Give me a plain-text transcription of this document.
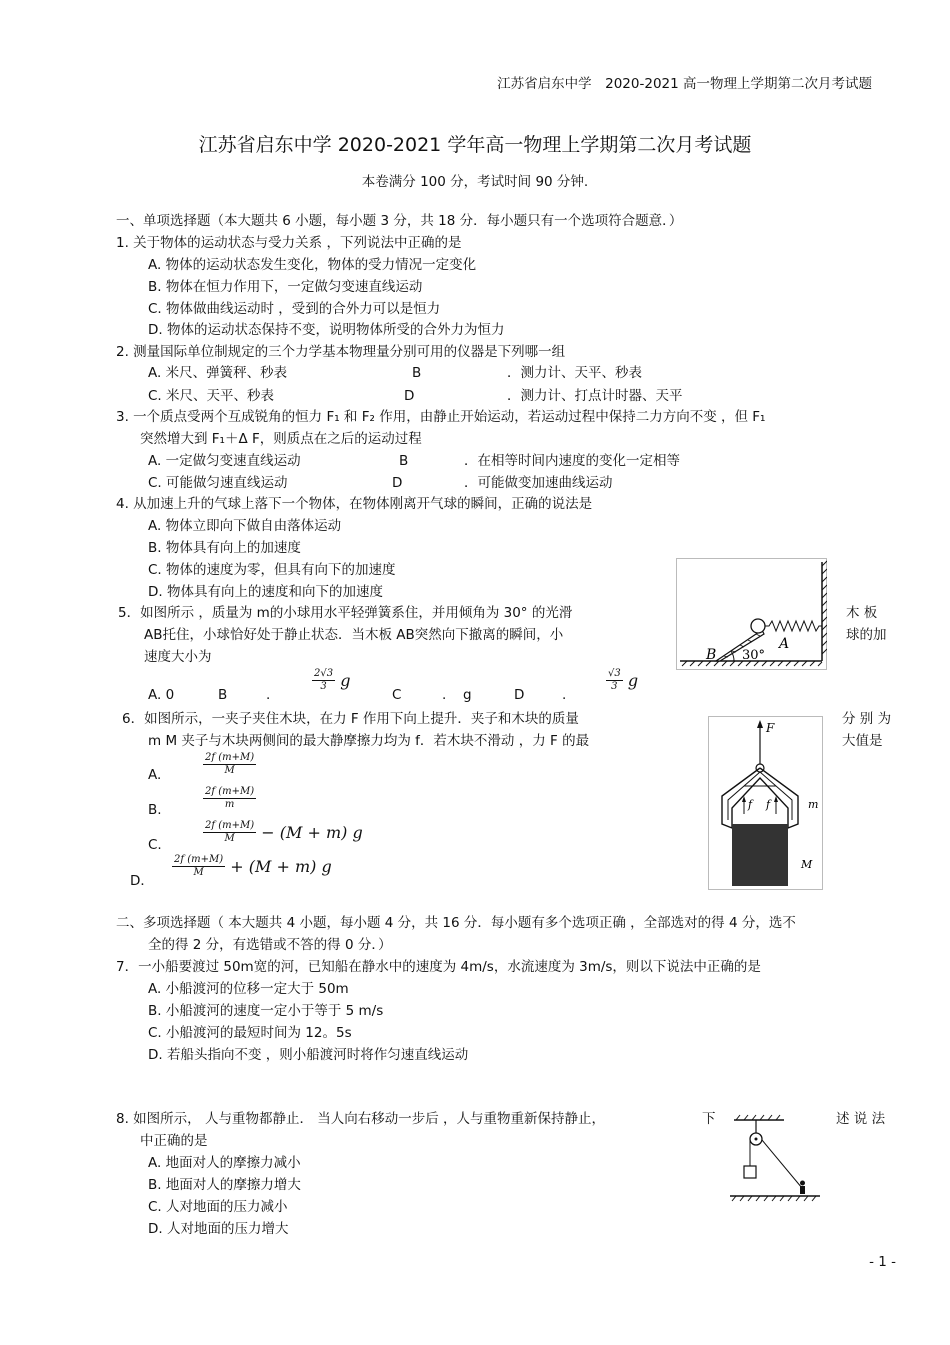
江苏省启东中学　2020-2021 高一物理上学期第二次月考试题
江苏省启东中学 2020-2021 学年高一物理上学期第二次月考试题
本卷满分 100 分，考试时间 90 分钟.
一、单项选择题（本大题共 6 小题，每小题 3 分，共 18 分．每小题只有一个选项符合题意．）
1. 关于物体的运动状态与受力关系 ，下列说法中正确的是
A. 物体的运动状态发生变化，物体的受力情况一定变化
B. 物体在恒力作用下，一定做匀变速直线运动
C. 物体做曲线运动时 ，受到的合外力可以是恒力
D. 物体的运动状态保持不变，说明物体所受的合外力为恒力
2. 测量国际单位制规定的三个力学基本物理量分别可用的仪器是下列哪一组
A. 米尺、弹簧秤、秒表	B	．测力计、天平、秒表
C. 米尺、天平、秒表	D	．测力计、打点计时器、天平
3. 一个质点受两个互成锐角的恒力 F₁ 和 F₂ 作用，由静止开始运动，若运动过程中保持二力方向不变 ，但 F₁
突然增大到 F₁＋Δ F，则质点在之后的运动过程
A. 一定做匀变速直线运动	B	．在相等时间内速度的变化一定相等
C. 可能做匀速直线运动	D	．可能做变加速曲线运动
4. 从加速上升的气球上落下一个物体，在物体刚离开气球的瞬间，正确的说法是
A. 物体立即向下做自由落体运动
B. 物体具有向上的加速度
C. 物体的速度为零，但具有向下的加速度
D. 物体具有向上的速度和向下的加速度
5．如图所示 ，质量为 m的小球用水平轻弹簧系住，并用倾角为 30° 的光滑	木 板
AB托住，小球恰好处于静止状态．当木板 AB突然向下撤离的瞬间，小	球的加
速度大小为	B
A
30°
A. 0	B	.
$\frac{2√3}{3}$ g
C	. g	D	.
$\frac{√3}{3}$ g
6．如图所示，一夹子夹住木块，在力 F 作用下向上提升．夹子和木块的质量	分 别 为
m M 夹子与木块两侧间的最大静摩擦力均为 f．若木块不滑动 ，力 F 的最	大值是
F
f f	m
M
A.	$\frac{2f (m+M)}{M}$
B.	$\frac{2f (m+M)}{m}$
C.	$\frac{2f (m+M)}{M} - (M + m)$ g
D．
$\frac{2f (m+M)}{M} + (M + m)$ g
二、多项选择题（ 本大题共 4 小题，每小题 4 分，共 16 分．每小题有多个选项正确 ，全部选对的得 4 分，选不
全的得 2 分，有选错或不答的得 0 分．）
7．一小船要渡过 50m宽的河，已知船在静水中的速度为 4m/s，水流速度为 3m/s，则以下说法中正确的是
A. 小船渡河的位移一定大于 50m
B. 小船渡河的速度一定小于等于 5 m/s
C. 小船渡河的最短时间为 12。5s
D. 若船头指向不变 ，则小船渡河时将作匀速直线运动
8. 如图所示， 人与重物都静止． 当人向右移动一步后 ，人与重物重新保持静止，	下	述 说 法
中正确的是
A. 地面对人的摩擦力减小
B. 地面对人的摩擦力增大
C. 人对地面的压力减小
D. 人对地面的压力增大
- 1 -
